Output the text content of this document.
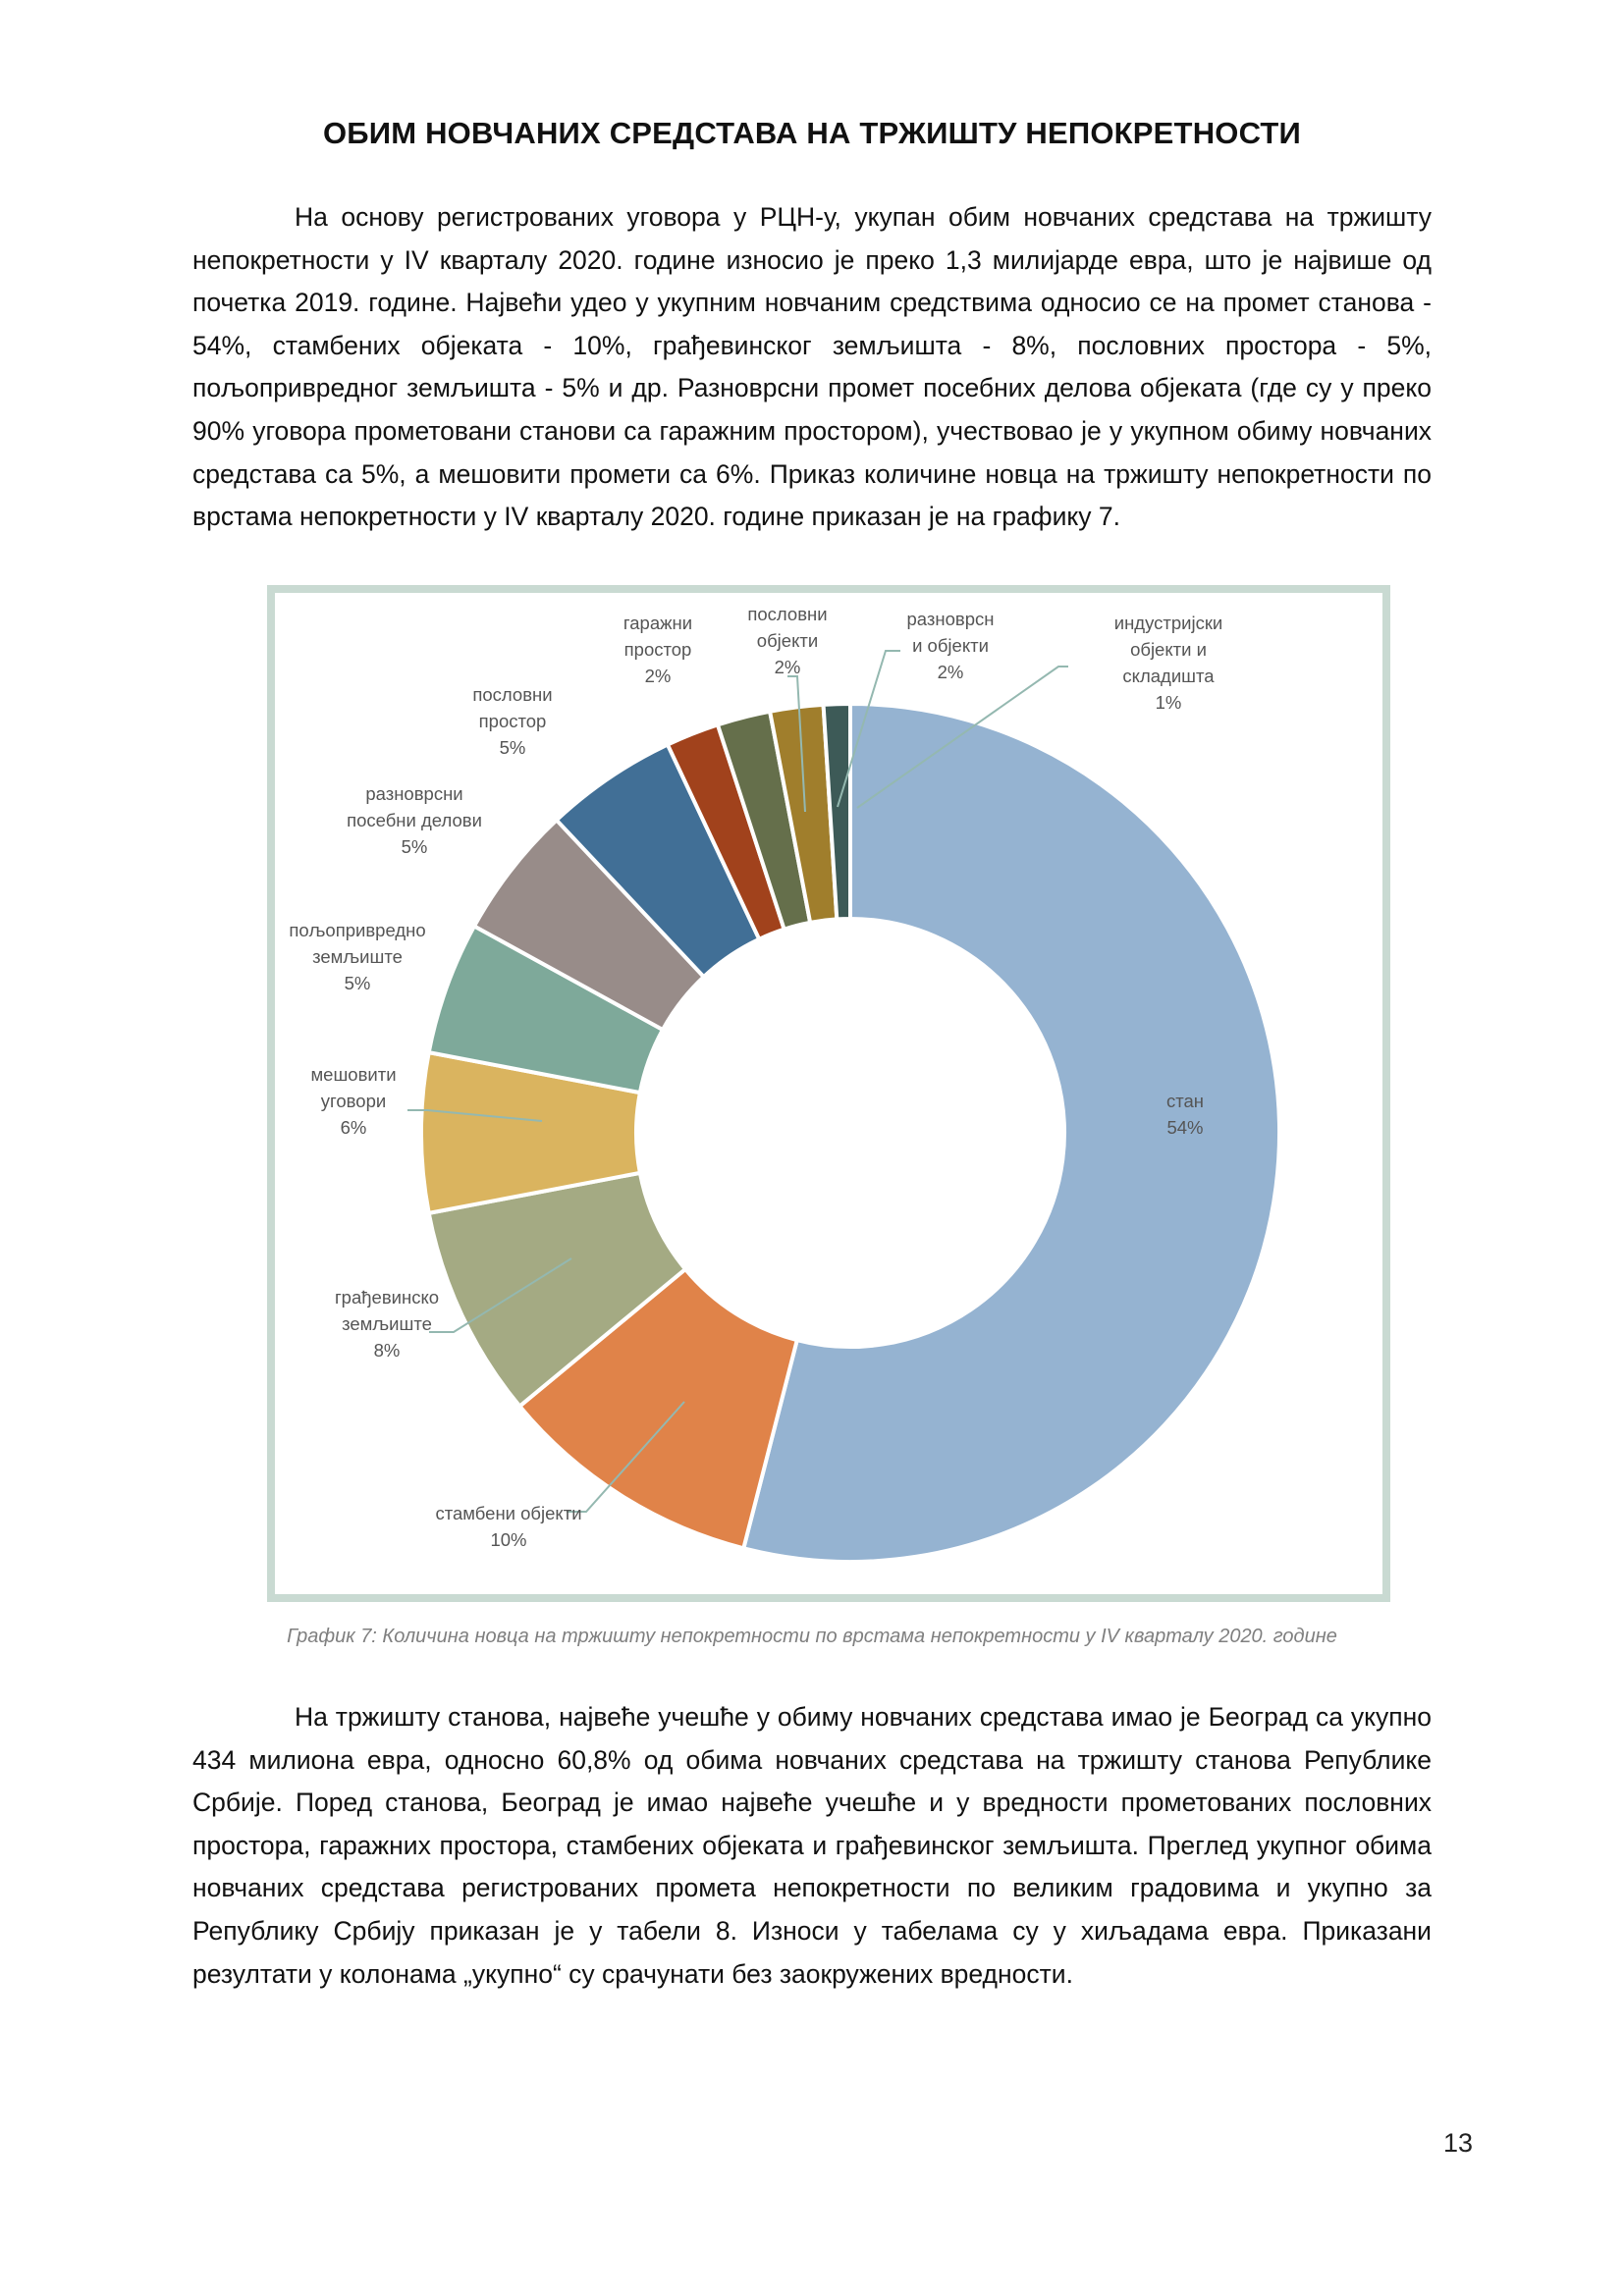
ОБИМ НОВЧАНИХ СРЕДСТАВА НА ТРЖИШТУ НЕПОКРЕТНОСТИ

На основу регистрованих уговора у РЦН-у, укупан обим новчаних средстава на тржишту непокретности у IV кварталу 2020. године износио је преко 1,3 милијарде евра, што је највише од почетка 2019. године. Највећи удео у укупним новчаним средствима односио се на промет станова - 54%, стамбених објеката - 10%, грађевинског земљишта - 8%, пословних простора - 5%, пољопривредног земљишта - 5% и др. Разноврсни промет посебних делова објеката (где су у преко 90% уговора прометовани станови са гаражним простором), учествовао је у укупном обиму новчаних средстава са 5%, а мешовити промети са 6%. Приказ количине новца на тржишту непокретности по врстама непокретности у IV кварталу 2020. године приказан је на графику 7.

стан 54%
стамбени објекти 10%
грађевинско земљиште 8%
мешовити уговори 6%
пољопривредно земљиште 5%
разноврсни посебни делови 5%
пословни простор 5%
гаражни простор 2%
пословни објекти 2%
разноврсн и објекти 2%
индустријски објекти и складишта 1%
График 7: Количина новца на тржишту непокретности по врстама непокретности у IV кварталу 2020. године

На тржишту станова, највеће учешће у обиму новчаних средстава имао је Београд са укупно 434 милиона евра, односно 60,8% од обима новчаних средстава на тржишту станова Републике Србије. Поред станова, Београд је имао највеће учешће и у вредности прометованих пословних простора, гаражних простора, стамбених објеката и грађевинског земљишта. Преглед укупног обима новчаних средстава регистрованих промета непокретности по великим градовима и укупно за Републику Србију приказан је у табели 8. Износи у табелама су у хиљадама евра. Приказани резултати у колонама „укупно“ су срачунати без заокружених вредности.

13
